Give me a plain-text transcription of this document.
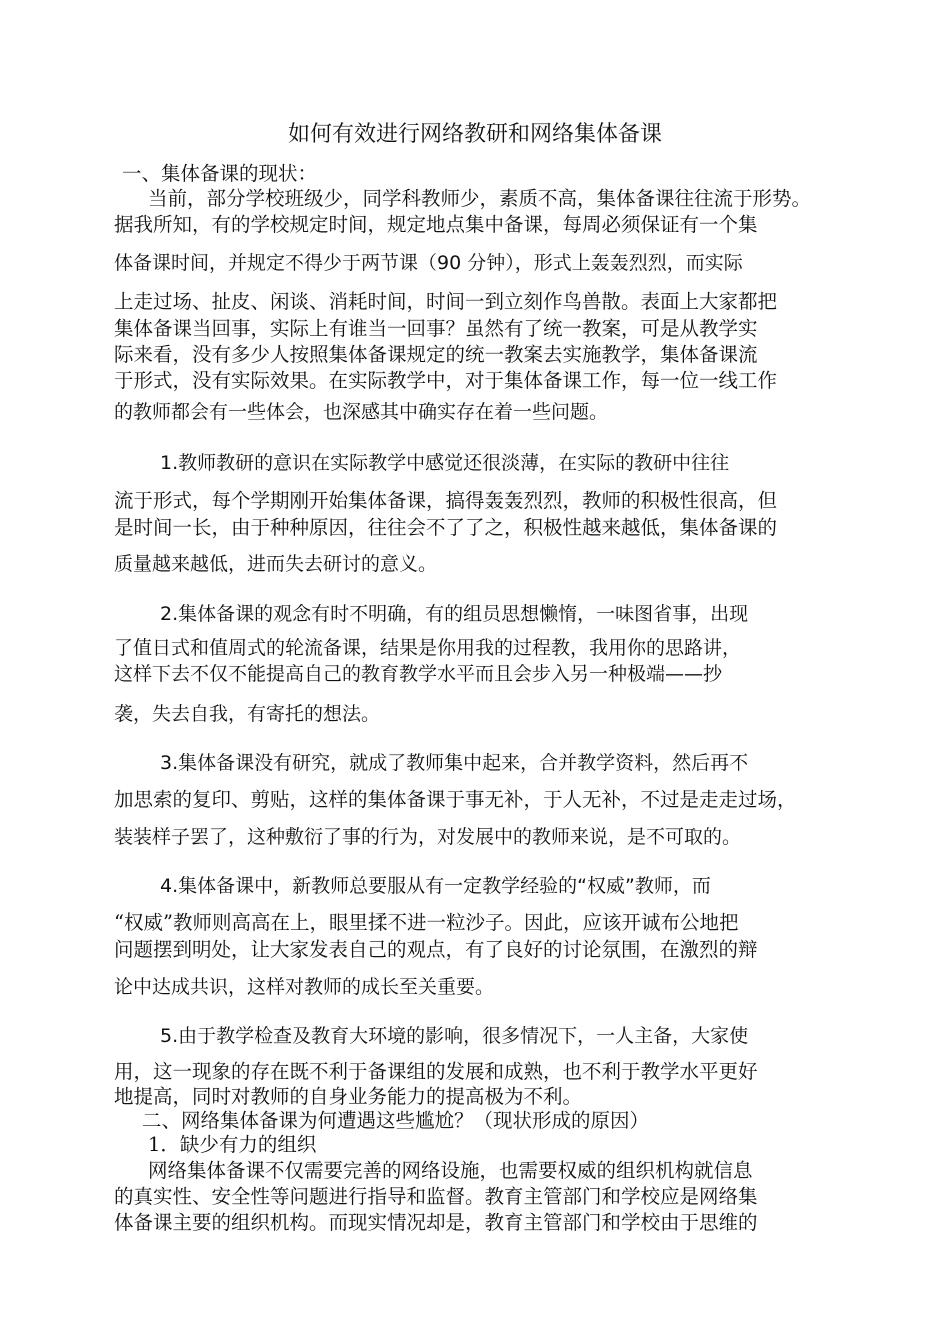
如何有效进行网络教研和网络集体备课
一、集体备课的现状：
当前，部分学校班级少，同学科教师少，素质不高，集体备课往往流于形势。
据我所知，有的学校规定时间，规定地点集中备课，每周必须保证有一个集
体备课时间，并规定不得少于两节课（90 分钟），形式上轰轰烈烈，而实际
上走过场、扯皮、闲谈、消耗时间，时间一到立刻作鸟兽散。表面上大家都把
集体备课当回事，实际上有谁当一回事？虽然有了统一教案，可是从教学实
际来看，没有多少人按照集体备课规定的统一教案去实施教学，集体备课流
于形式，没有实际效果。在实际教学中，对于集体备课工作，每一位一线工作
的教师都会有一些体会，也深感其中确实存在着一些问题。
1.教师教研的意识在实际教学中感觉还很淡薄，在实际的教研中往往
流于形式，每个学期刚开始集体备课，搞得轰轰烈烈，教师的积极性很高，但
是时间一长，由于种种原因，往往会不了了之，积极性越来越低，集体备课的
质量越来越低，进而失去研讨的意义。
2.集体备课的观念有时不明确，有的组员思想懒惰，一味图省事，出现
了值日式和值周式的轮流备课，结果是你用我的过程教，我用你的思路讲，
这样下去不仅不能提高自己的教育教学水平而且会步入另一种极端——抄
袭，失去自我，有寄托的想法。
3.集体备课没有研究，就成了教师集中起来，合并教学资料，然后再不
加思索的复印、剪贴，这样的集体备课于事无补，于人无补，不过是走走过场，
装装样子罢了，这种敷衍了事的行为，对发展中的教师来说，是不可取的。
4.集体备课中，新教师总要服从有一定教学经验的“权威”教师，而
“权威”教师则高高在上，眼里揉不进一粒沙子。因此，应该开诚布公地把
问题摆到明处，让大家发表自己的观点，有了良好的讨论氛围，在激烈的辩
论中达成共识，这样对教师的成长至关重要。
5.由于教学检查及教育大环境的影响，很多情况下，一人主备，大家使
用，这一现象的存在既不利于备课组的发展和成熟，也不利于教学水平更好
地提高，同时对教师的自身业务能力的提高极为不利。
二、网络集体备课为何遭遇这些尴尬？（现状形成的原因）
1．缺少有力的组织
网络集体备课不仅需要完善的网络设施，也需要权威的组织机构就信息
的真实性、安全性等问题进行指导和监督。教育主管部门和学校应是网络集
体备课主要的组织机构。而现实情况却是，教育主管部门和学校由于思维的
